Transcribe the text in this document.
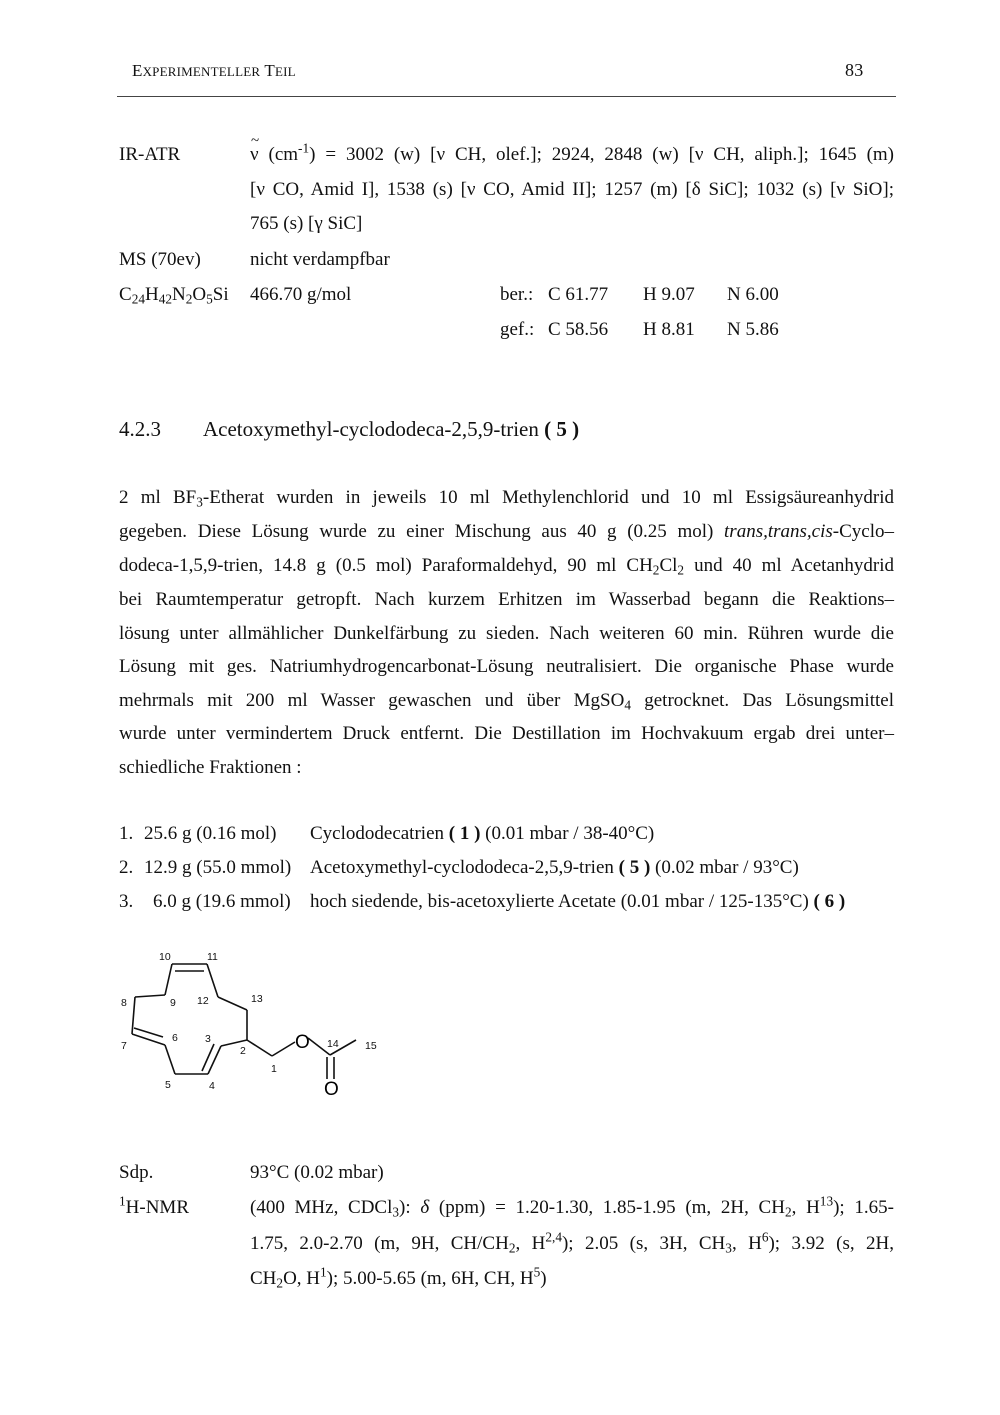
EXPERIMENTELLER TEIL	83
IR-ATR	~ ν $(cm^{-1}) = 3002$ (w) [ν CH, olef.]; 2924, 2848 (w) [ν CH, aliph.]; 1645 (m)
[ν CO, Amid I], 1538 (s) [ν CO, Amid II]; 1257 (m) [δ SiC]; 1032 (s) [ν SiO];
765 (s) [γ SiC]
MS (70ev)	nicht verdampfbar
$C_{24}H_{42}N_2O_5Si$ 466.70 g/mol	ber.: C 61.77 H 9.07 N 6.00
gef.: C 58.56 H 8.81 N 5.86
4.2.3 Acetoxymethyl-cyclododeca-2,5,9-trien ( 5 )
2 ml $BF_3$-Etherat wurden in jeweils 10 ml Methylenchlorid und 10 ml Essigsäureanhydrid
gegeben. Diese Lösung wurde zu einer Mischung aus 40 g (0.25 mol) trans,trans,cis-Cyclo–
dodeca-1,5,9-trien, 14.8 g (0.5 mol) Paraformaldehyd, 90 ml $CH_2Cl_2$ und 40 ml Acetanhydrid
bei Raumtemperatur getropft. Nach kurzem Erhitzen im Wasserbad begann die Reaktions–
lösung unter allmählicher Dunkelfärbung zu sieden. Nach weiteren 60 min. Rühren wurde die
Lösung mit ges. Natriumhydrogencarbonat-Lösung neutralisiert. Die organische Phase wurde
mehrmals mit 200 ml Wasser gewaschen und über MgSO$_4$ getrocknet. Das Lösungsmittel
wurde unter vermindertem Druck entfernt. Die Destillation im Hochvakuum ergab drei unter–
schiedliche Fraktionen :
1. 25.6 g (0.16 mol) Cyclododecatrien ( 1 ) (0.01 mbar / 38-40°C)
2. 12.9 g (55.0 mmol) Acetoxymethyl-cyclododeca-2,5,9-trien ( 5 ) (0.02 mbar / 93°C)
3. 6.0 g (19.6 mmol) hoch siedende, bis-acetoxylierte Acetate (0.01 mbar / 125-135°C) ( 6 )
O
O
10	11
8	9 12	13
7
6	3
2
14	15
1
5	4
Sdp.	93°C (0.02 mbar)
$^1$H-NMR	(400 MHz, CDCl$_3$): δ (ppm) = 1.20-1.30, 1.85-1.95 (m, 2H, $CH_2$, $H^{13}$); 1.65-
1.75, 2.0-2.70 (m, 9H, $CH/CH_2$, H$^{2,4}$); 2.05 (s, 3H, $CH_3$, $H^6$); 3.92 (s, 2H,
$CH_2O$, $H^1$); 5.00-5.65 (m, 6H, CH, $H^5$)
